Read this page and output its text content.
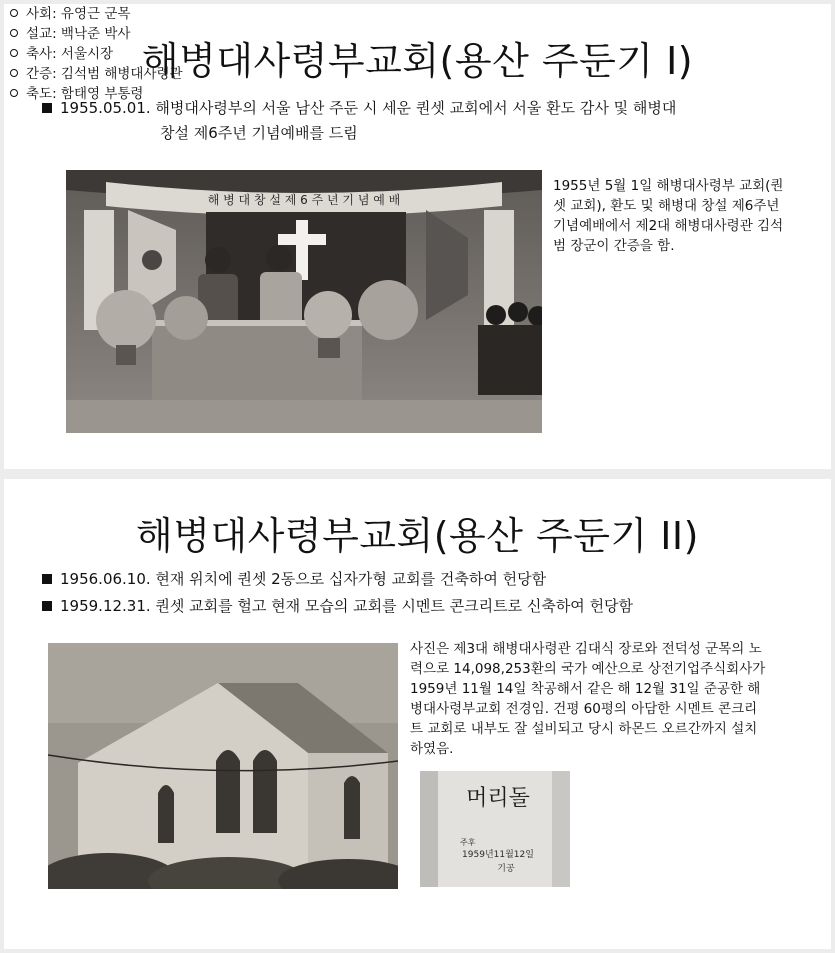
해병대사령부교회(용산 주둔기 I)
1955.05.01. 해병대사령부의 서울 남산 주둔 시 세운 퀀셋 교회에서 서울 환도 감사 및 해병대
창설 제6주년 기념예배를 드림
해 병 대 창 설 제 6 주 년 기 념 예 배
1955년 5월 1일 해병대사령부 교회(퀀셋 교회), 환도 및 해병대 창설 제6주년 기념예배에서 제2대 해병대사령관 김석범 장군이 간증을 함.
사회: 유영근 군목
설교: 백낙준 박사
축사: 서울시장
간증: 김석범 해병대사령관
축도: 함태영 부통령
해병대사령부교회(용산 주둔기 II)
1956.06.10. 현재 위치에 퀀셋 2동으로 십자가형 교회를 건축하여 헌당함
1959.12.31. 퀀셋 교회를 헐고 현재 모습의 교회를 시멘트 콘크리트로 신축하여 헌당함
사진은 제3대 해병대사령관 김대식 장로와 전덕성 군목의 노력으로 14,098,253환의 국가 예산으로 상전기업주식회사가 1959년 11월 14일 착공해서 같은 해 12월 31일 준공한 해병대사령부교회 전경임. 건평 60평의 아담한 시멘트 콘크리트 교회로 내부도 잘 설비되고 당시 하몬드 오르간까지 설치하였음.
머리돌
주후
1959년11월12일
기공
